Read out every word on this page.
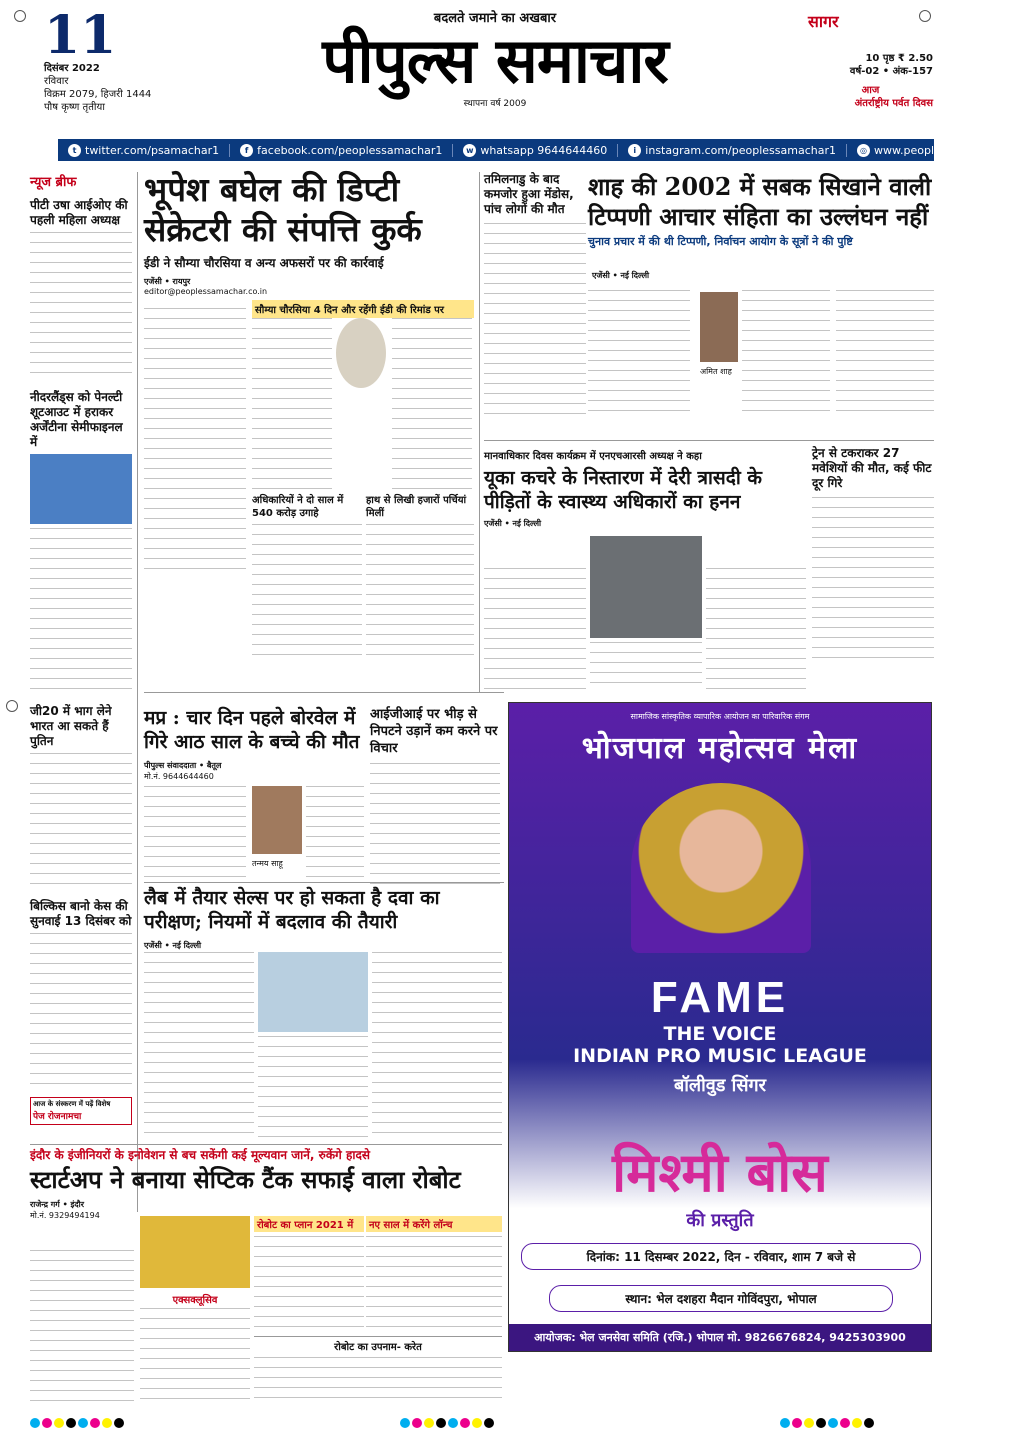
11
दिसंबर 2022
रविवार
विक्रम 2079, हिजरी 1444
पौष कृष्ण तृतीया
बदलते जमाने का अखबार
पीपुल्स समाचार
स्थापना वर्ष 2009
सागर
10 पृष्ठ ₹ 2.50
वर्ष-02 • अंक-157
आज
अंतर्राष्ट्रीय पर्वत दिवस
t twitter.com/psamachar1	f facebook.com/peoplessamachar1	w whatsapp 9644644460	i instagram.com/peoplessamachar1	◎ www.peoplessamachar.in
न्यूज ब्रीफ
पीटी उषा आईओए की पहली महिला अध्यक्ष
नीदरलैंड्स को पेनल्टी शूटआउट में हराकर अर्जेंटीना सेमीफाइनल में
जी20 में भाग लेने भारत आ सकते हैं पुतिन
बिल्किस बानो केस की सुनवाई 13 दिसंबर को
आज के संस्करण में पढ़ें विशेष
पेज रोजनामचा
भूपेश बघेल की डिप्टी सेक्रेटरी की संपत्ति कुर्क
ईडी ने सौम्या चौरसिया व अन्य अफसरों पर की कार्रवाई
एजेंसी • रायपुर
editor@peoplessamachar.co.in
सौम्या चौरसिया 4 दिन और रहेंगी ईडी की रिमांड पर
अधिकारियों ने दो साल में 540 करोड़ उगाहे
हाथ से लिखी हजारों पर्चियां मिलीं
तमिलनाडु के बाद कमजोर हुआ मेंडोस, पांच लोगों की मौत
शाह की 2002 में सबक सिखाने वाली टिप्पणी आचार संहिता का उल्लंघन नहीं
चुनाव प्रचार में की थी टिप्पणी, निर्वाचन आयोग के सूत्रों ने की पुष्टि
एजेंसी • नई दिल्ली
अमित शाह
ट्रेन से टकराकर 27 मवेशियों की मौत, कई फीट दूर गिरे
मानवाधिकार दिवस कार्यक्रम में एनएचआरसी अध्यक्ष ने कहा
यूका कचरे के निस्तारण में देरी त्रासदी के पीड़ितों के स्वास्थ्य अधिकारों का हनन
एजेंसी • नई दिल्ली
मप्र : चार दिन पहले बोरवेल में गिरे आठ साल के बच्चे की मौत
पीपुल्स संवाददाता • बैतूल
मो.नं. 9644644460
तन्मय साहू
आईजीआई पर भीड़ से निपटने उड़ानें कम करने पर विचार
लैब में तैयार सेल्स पर हो सकता है दवा का परीक्षण; नियमों में बदलाव की तैयारी
एजेंसी • नई दिल्ली
इंदौर के इंजीनियरों के इनोवेशन से बच सकेंगी कई मूल्यवान जानें, रुकेंगे हादसे
स्टार्टअप ने बनाया सेप्टिक टैंक सफाई वाला रोबोट
राजेन्द्र गर्ग • इंदौर
मो.नं. 9329494194
एक्सक्लूसिव
रोबोट का प्लान 2021 में	नए साल में करेंगे लॉन्च
रोबोट का उपनाम- करेत
सामाजिक सांस्कृतिक व्यापारिक आयोजन का पारिवारिक संगम
भोजपाल महोत्सव मेला
FAME
THE VOICE
INDIAN PRO MUSIC LEAGUE
बॉलीवुड सिंगर
मिश्मी बोस
की प्रस्तुति
दिनांक: 11 दिसम्बर 2022, दिन - रविवार, शाम 7 बजे से
स्थान: भेल दशहरा मैदान गोविंदपुरा, भोपाल
आयोजक: भेल जनसेवा समिति (रजि.) भोपाल मो. 9826676824, 9425303900
